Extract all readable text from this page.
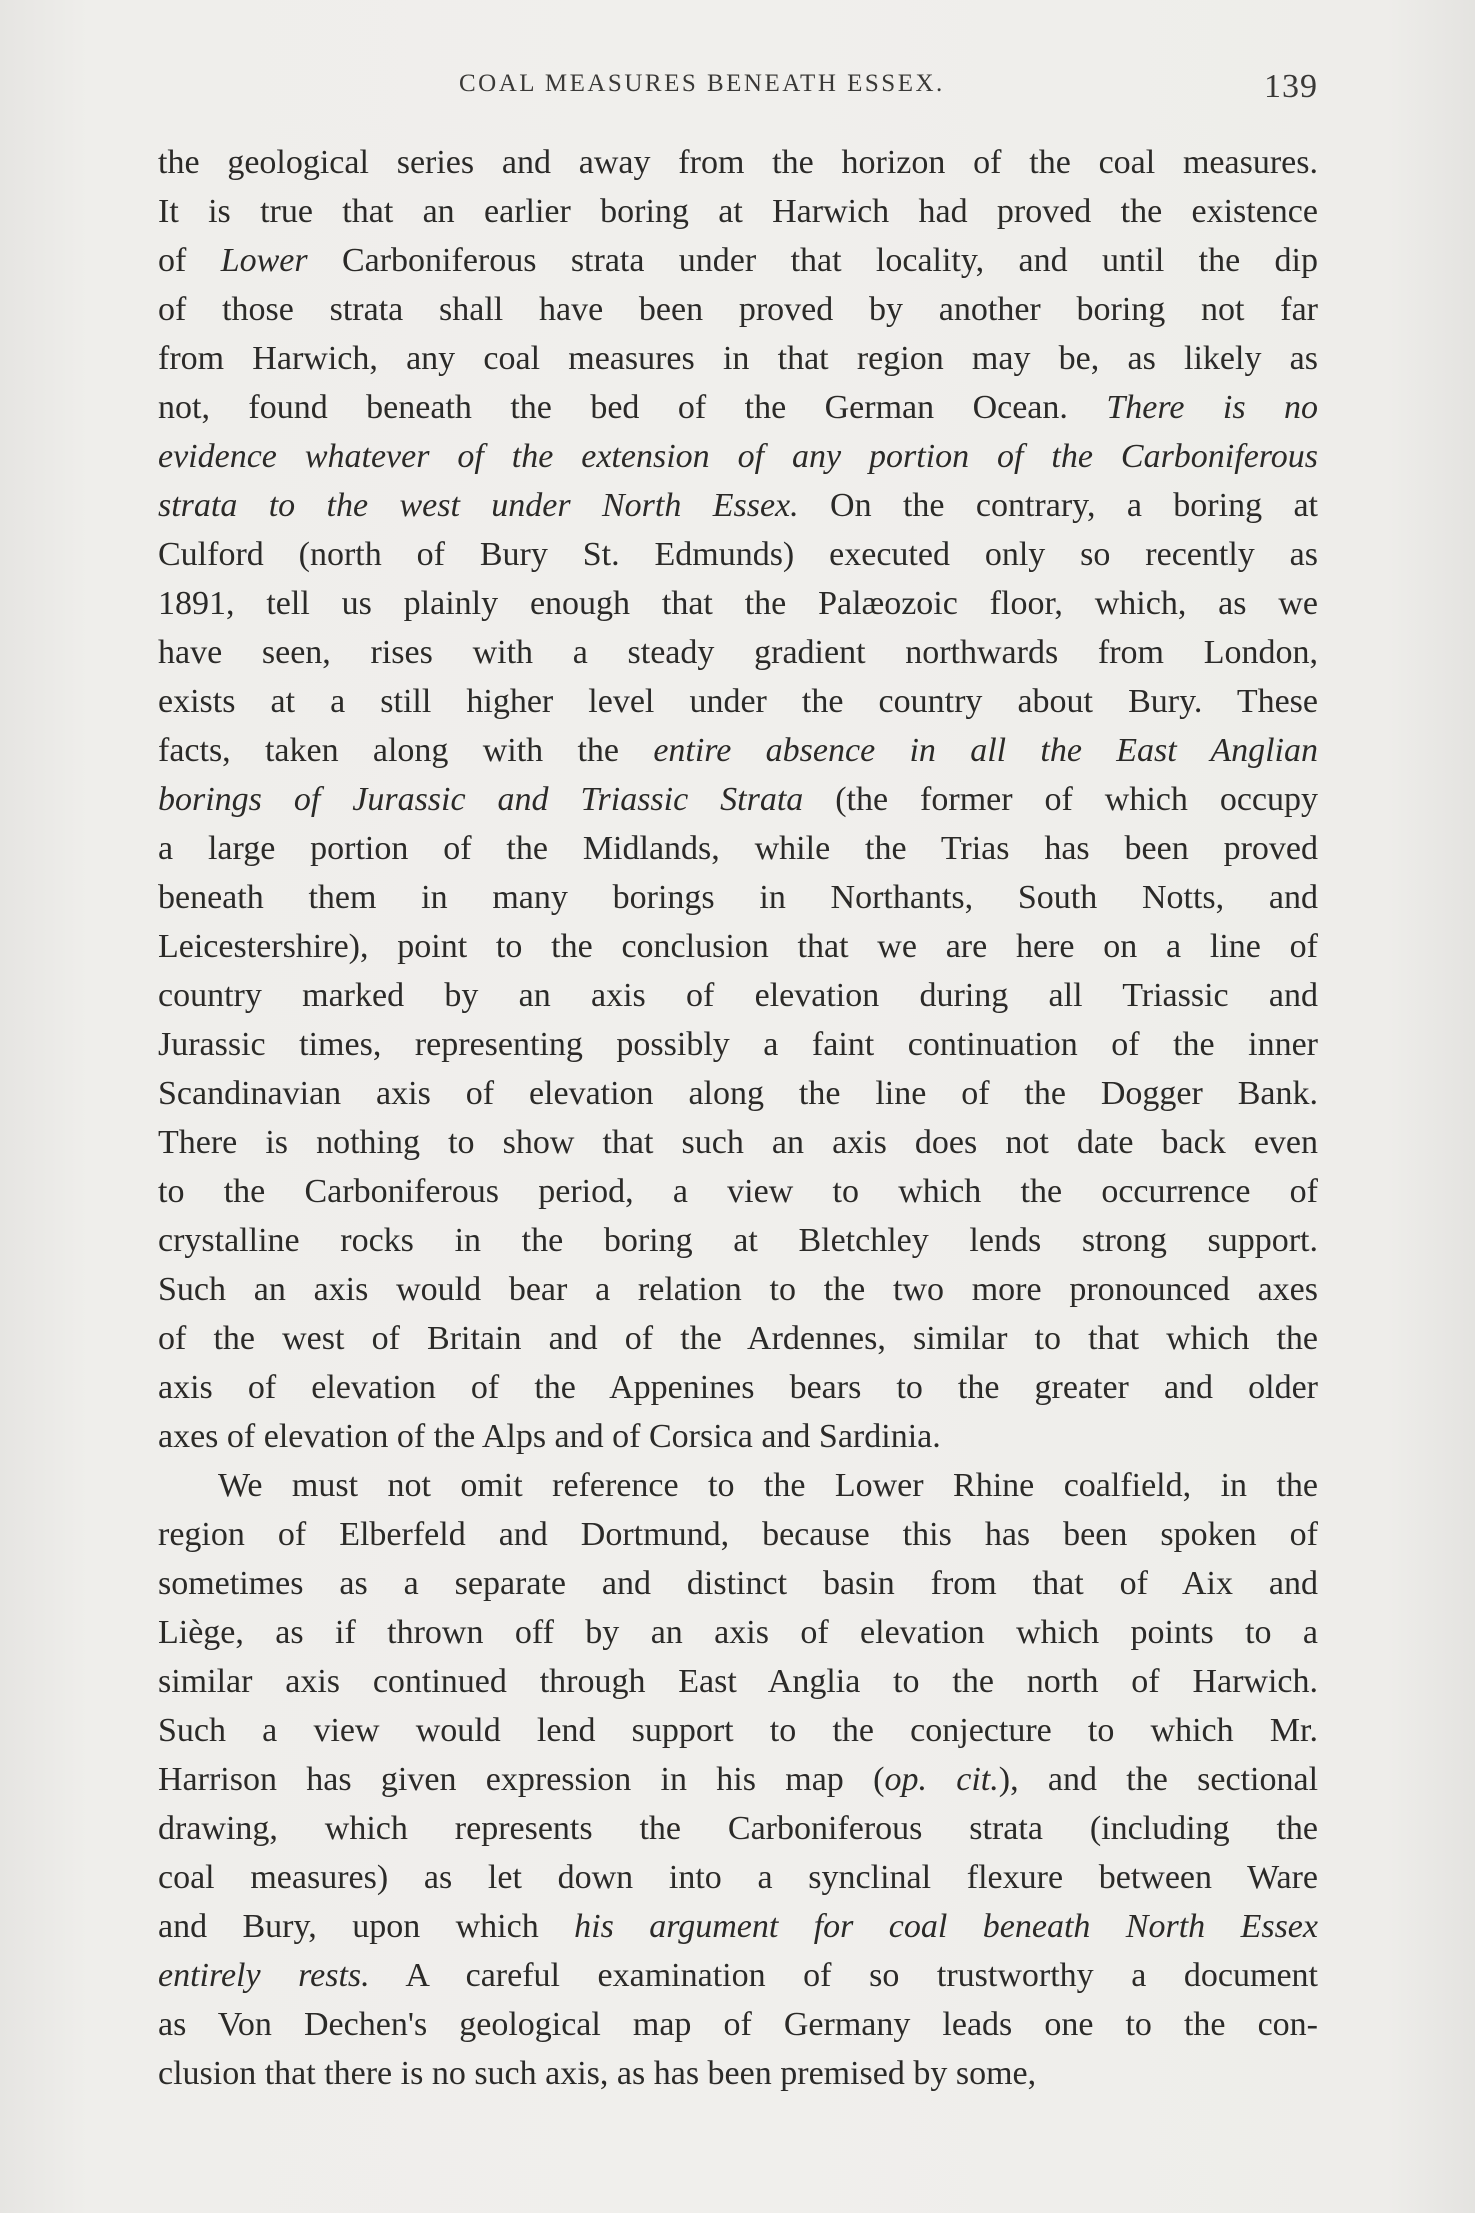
COAL MEASURES BENEATH ESSEX.	139
the geological series and away from the horizon of the coal measures.
It is true that an earlier boring at Harwich had proved the existence
of Lower Carboniferous strata under that locality, and until the dip
of those strata shall have been proved by another boring not far
from Harwich, any coal measures in that region may be, as likely as
not, found beneath the bed of the German Ocean. There is no
evidence whatever of the extension of any portion of the Carboniferous
strata to the west under North Essex. On the contrary, a boring at
Culford (north of Bury St. Edmunds) executed only so recently as
1891, tell us plainly enough that the Palæozoic floor, which, as we
have seen, rises with a steady gradient northwards from London,
exists at a still higher level under the country about Bury. These
facts, taken along with the entire absence in all the East Anglian
borings of Jurassic and Triassic Strata (the former of which occupy
a large portion of the Midlands, while the Trias has been proved
beneath them in many borings in Northants, South Notts, and
Leicestershire), point to the conclusion that we are here on a line of
country marked by an axis of elevation during all Triassic and
Jurassic times, representing possibly a faint continuation of the inner
Scandinavian axis of elevation along the line of the Dogger Bank.
There is nothing to show that such an axis does not date back even
to the Carboniferous period, a view to which the occurrence of
crystalline rocks in the boring at Bletchley lends strong support.
Such an axis would bear a relation to the two more pronounced axes
of the west of Britain and of the Ardennes, similar to that which the
axis of elevation of the Appenines bears to the greater and older
axes of elevation of the Alps and of Corsica and Sardinia.
We must not omit reference to the Lower Rhine coalfield, in the
region of Elberfeld and Dortmund, because this has been spoken of
sometimes as a separate and distinct basin from that of Aix and
Liège, as if thrown off by an axis of elevation which points to a
similar axis continued through East Anglia to the north of Harwich.
Such a view would lend support to the conjecture to which Mr.
Harrison has given expression in his map (op. cit.), and the sectional
drawing, which represents the Carboniferous strata (including the
coal measures) as let down into a synclinal flexure between Ware
and Bury, upon which his argument for coal beneath North Essex
entirely rests. A careful examination of so trustworthy a document
as Von Dechen's geological map of Germany leads one to the con-
clusion that there is no such axis, as has been premised by some,
